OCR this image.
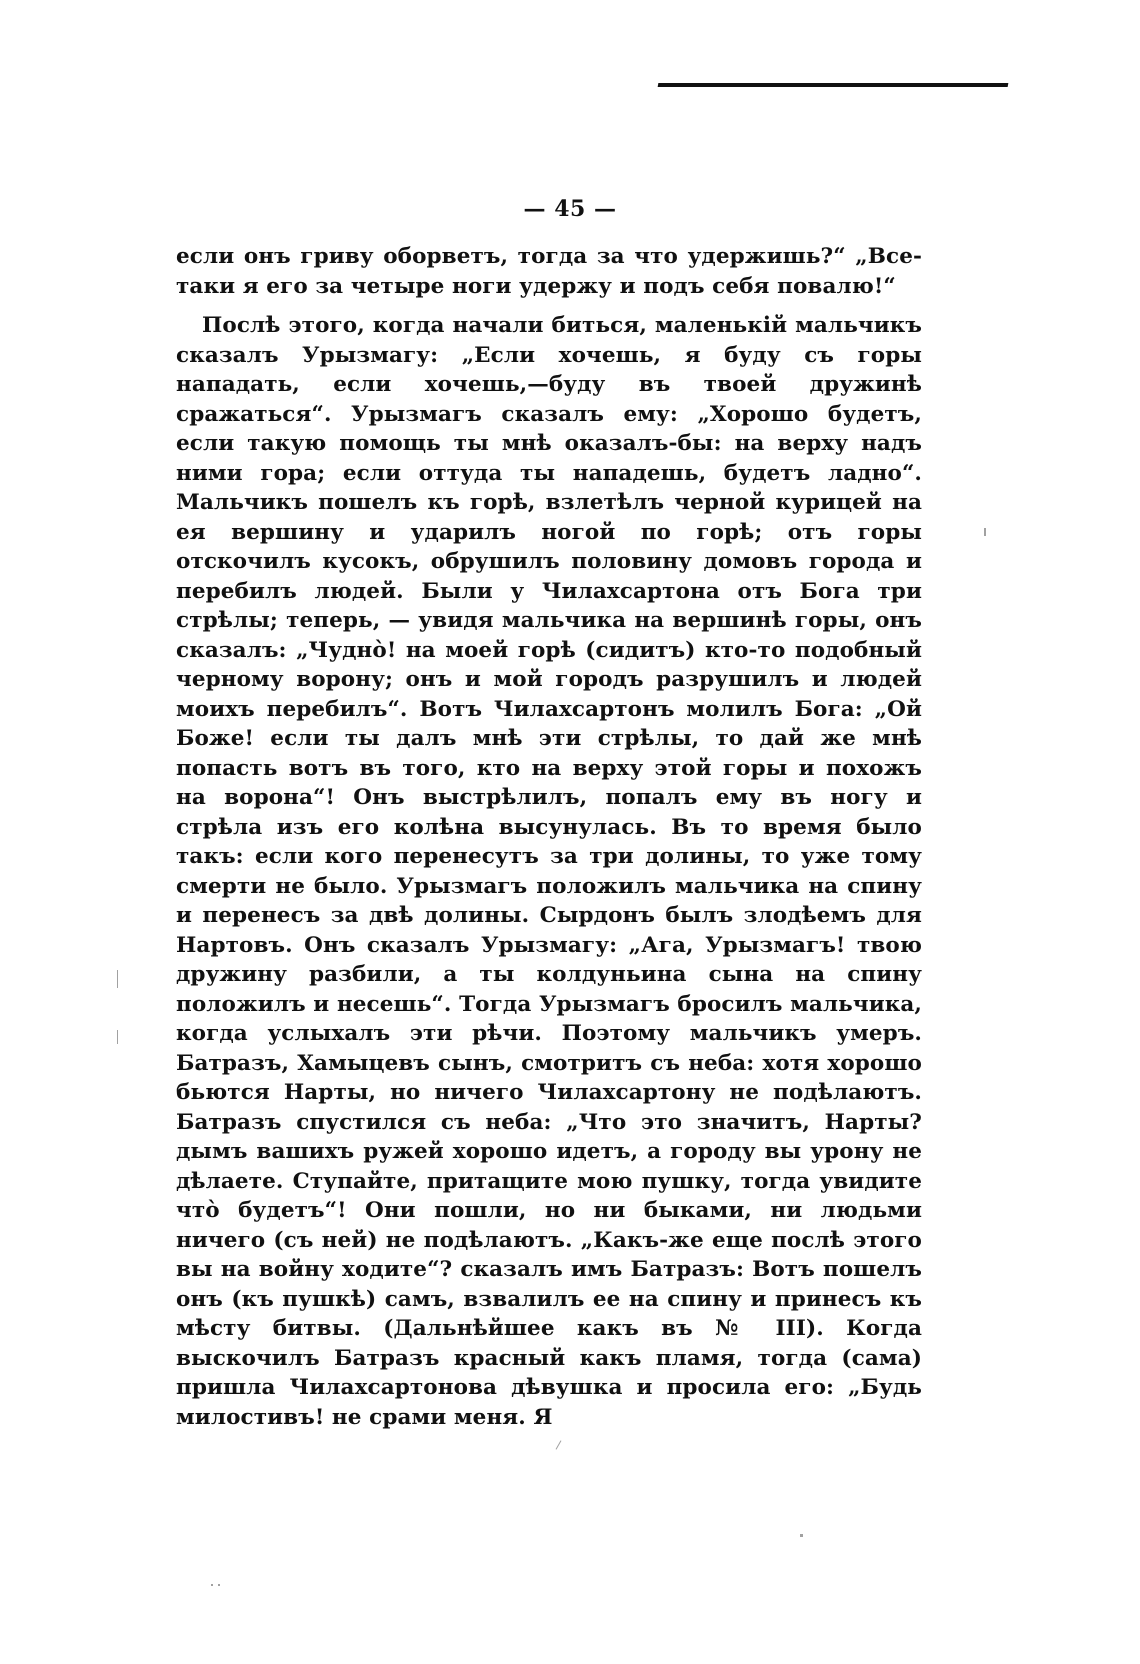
— 45 —

если онъ гриву оборветъ, тогда за что удержишь?“ „Все-таки я его за четыре ноги удержу и подъ себя повалю!“

Послѣ этого, когда начали биться, маленькій мальчикъ сказалъ Урызмагу: „Если хочешь, я буду съ горы нападать, если хочешь,—буду въ твоей дружинѣ сражаться“. Урызмагъ сказалъ ему: „Хорошо будетъ, если такую помощь ты мнѣ оказалъ-бы: на верху надъ ними гора; если оттуда ты нападешь, будетъ ладно“. Мальчикъ пошелъ къ горѣ, взлетѣлъ черной курицей на ея вершину и ударилъ ногой по горѣ; отъ горы отскочилъ кусокъ, обрушилъ половину домовъ города и перебилъ людей. Были у Чилахсартона отъ Бога три стрѣлы; теперь, — увидя мальчика на вершинѣ горы, онъ сказалъ: „Чудно̀! на моей горѣ (сидитъ) кто-то подобный черному ворону; онъ и мой городъ разрушилъ и людей моихъ перебилъ“. Вотъ Чилахсартонъ молилъ Бога: „Ой Боже! если ты далъ мнѣ эти стрѣлы, то дай же мнѣ попасть вотъ въ того, кто на верху этой горы и похожъ на ворона“! Онъ выстрѣлилъ, попалъ ему въ ногу и стрѣла изъ его колѣна высунулась. Въ то время было такъ: если кого перенесутъ за три долины, то уже тому смерти не было. Урызмагъ положилъ мальчика на спину и перенесъ за двѣ долины. Сырдонъ былъ злодѣемъ для Нартовъ. Онъ сказалъ Урызмагу: „Ага, Урызмагъ! твою дружину разбили, а ты колдуньина сына на спину положилъ и несешь“. Тогда Урызмагъ бросилъ мальчика, когда услыхалъ эти рѣчи. Поэтому мальчикъ умеръ. Батразъ, Хамыцевъ сынъ, смотритъ съ неба: хотя хорошо бьются Нарты, но ничего Чилахсартону не подѣлаютъ. Батразъ спустился съ неба: „Что это значитъ, Нарты? дымъ вашихъ ружей хорошо идетъ, а городу вы урону не дѣлаете. Ступайте, притащите мою пушку, тогда увидите что̀ будетъ“! Они пошли, но ни быками, ни людьми ничего (съ ней) не подѣлаютъ. „Какъ-же еще послѣ этого вы на войну ходите“? сказалъ имъ Батразъ: Вотъ пошелъ онъ (къ пушкѣ) самъ, взвалилъ ее на спину и принесъ къ мѣсту битвы. (Дальнѣйшее какъ въ № III). Когда выскочилъ Батразъ красный какъ пламя, тогда (сама) пришла Чилахсартонова дѣвушка и просила его: „Будь милостивъ! не срами меня. Я
